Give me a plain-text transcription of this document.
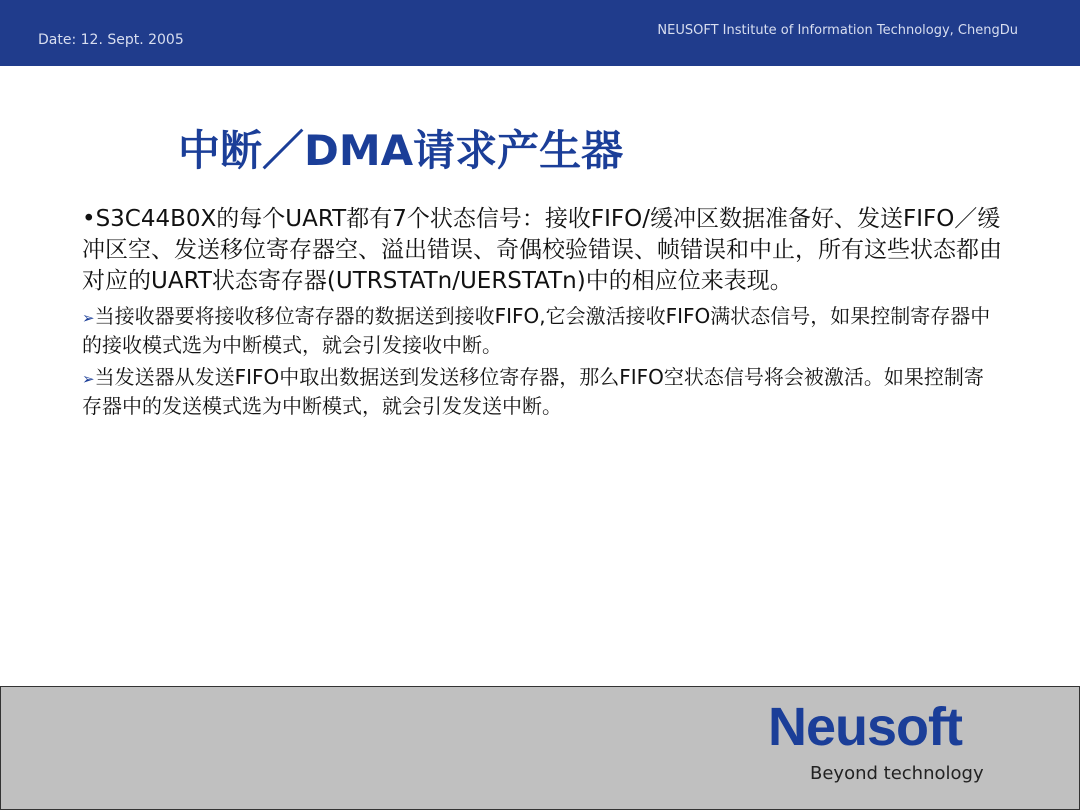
Date: 12. Sept. 2005
NEUSOFT Institute of Information Technology, ChengDu
中断／DMA请求产生器

•S3C44B0X的每个UART都有7个状态信号：接收FIFO/缓冲区数据准备好、发送FIFO／缓冲区空、发送移位寄存器空、溢出错误、奇偶校验错误、帧错误和中止，所有这些状态都由对应的UART状态寄存器(UTRSTATn/UERSTATn)中的相应位来表现。

➢当接收器要将接收移位寄存器的数据送到接收FIFO,它会激活接收FIFO满状态信号，如果控制寄存器中的接收模式选为中断模式，就会引发接收中断。

➢当发送器从发送FIFO中取出数据送到发送移位寄存器，那么FIFO空状态信号将会被激活。如果控制寄存器中的发送模式选为中断模式，就会引发发送中断。

Neusoft
Beyond technology
